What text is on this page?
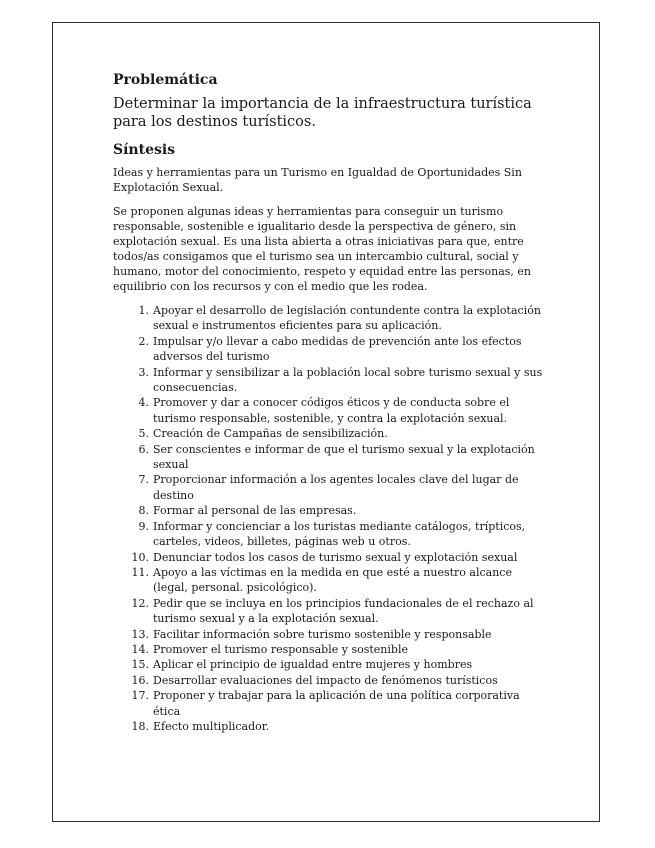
Problemática
Determinar la importancia de la infraestructura turística para los destinos turísticos.
Síntesis
Ideas y herramientas para un Turismo en Igualdad de Oportunidades Sin Explotación Sexual.
Se proponen algunas ideas y herramientas para conseguir un turismo responsable, sostenible e igualitario desde la perspectiva de género, sin explotación sexual. Es una lista abierta a otras iniciativas para que, entre todos/as consigamos que el turismo sea un intercambio cultural, social y humano, motor del conocimiento, respeto y equidad entre las personas, en equilibrio con los recursos y con el medio que les rodea.
1. Apoyar el desarrollo de legislación contundente contra la explotación sexual e instrumentos eficientes para su aplicación.
2. Impulsar y/o llevar a cabo medidas de prevención ante los efectos adversos del turismo
3. Informar y sensibilizar a la población local sobre turismo sexual y sus consecuencias.
4. Promover y dar a conocer códigos éticos y de conducta sobre el turismo responsable, sostenible, y contra la explotación sexual.
5. Creación de Campañas de sensibilización.
6. Ser conscientes e informar de que el turismo sexual y la explotación sexual
7. Proporcionar información a los agentes locales clave del lugar de destino
8. Formar al personal de las empresas.
9. Informar y concienciar a los turistas mediante catálogos, trípticos, carteles, videos, billetes, páginas web u otros.
10. Denunciar todos los casos de turismo sexual y explotación sexual
11. Apoyo a las víctimas en la medida en que esté a nuestro alcance (legal, personal. psicológico).
12. Pedir que se incluya en los principios fundacionales de el rechazo al turismo sexual y a la explotación sexual.
13. Facilitar información sobre turismo sostenible y responsable
14. Promover el turismo responsable y sostenible
15. Aplicar el principio de igualdad entre mujeres y hombres
16. Desarrollar evaluaciones del impacto de fenómenos turísticos
17. Proponer y trabajar para la aplicación de una política corporativa ética
18. Efecto multiplicador.
